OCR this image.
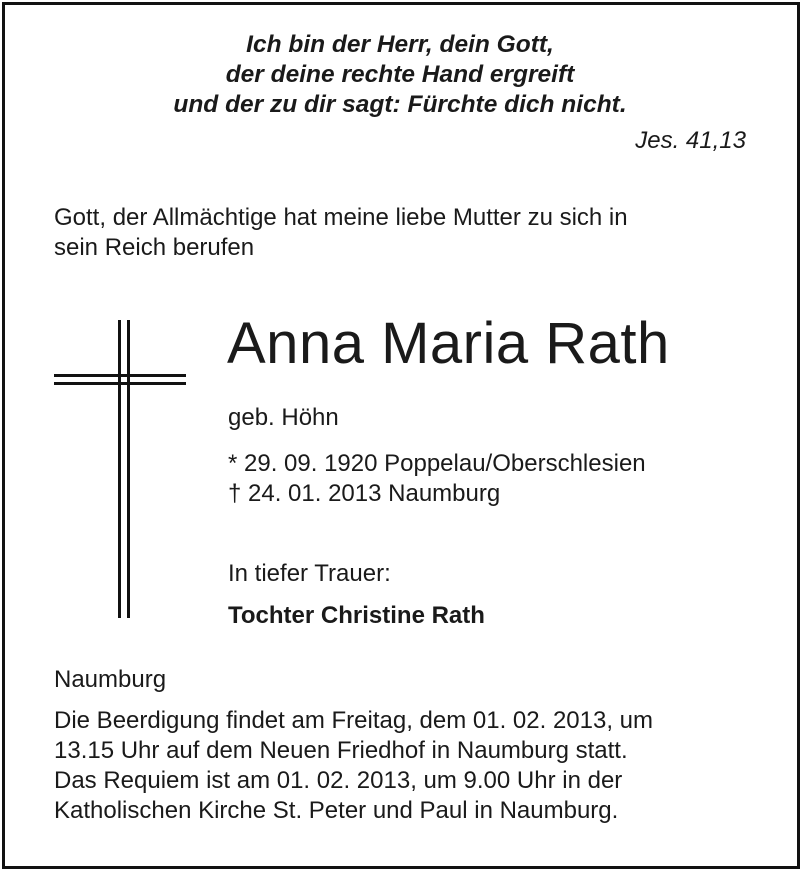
Ich bin der Herr, dein Gott,
der deine rechte Hand ergreift
und der zu dir sagt: Fürchte dich nicht.
Jes. 41,13
Gott, der Allmächtige hat meine liebe Mutter zu sich in
sein Reich berufen
Anna Maria Rath
geb. Höhn
* 29. 09. 1920 Poppelau/Oberschlesien
† 24. 01. 2013 Naumburg
In tiefer Trauer:
Tochter Christine Rath
Naumburg

Die Beerdigung findet am Freitag, dem 01. 02. 2013, um

13.15 Uhr auf dem Neuen Friedhof in Naumburg statt.

Das Requiem ist am 01. 02. 2013, um 9.00 Uhr in der

Katholischen Kirche St. Peter und Paul in Naumburg.
